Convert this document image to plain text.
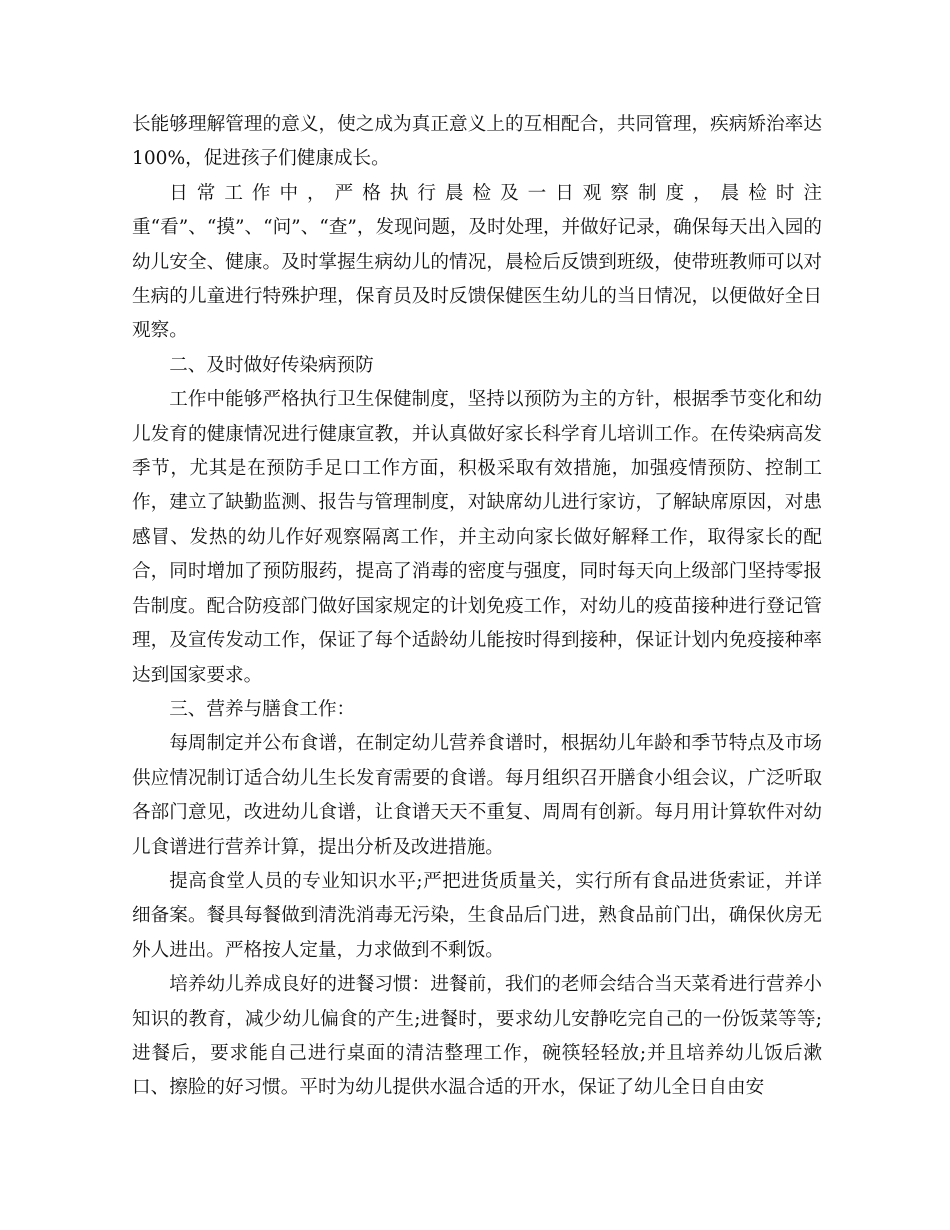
长能够理解管理的意义，使之成为真正意义上的互相配合，共同管理，疾病矫治率达 100%，促进孩子们健康成长。

日常工作中，严格执行晨检及一日观察制度，晨检时注重“看”、“摸”、“问”、“查”，发现问题，及时处理，并做好记录，确保每天出入园的幼儿安全、健康。及时掌握生病幼儿的情况，晨检后反馈到班级，使带班教师可以对生病的儿童进行特殊护理，保育员及时反馈保健医生幼儿的当日情况，以便做好全日观察。

二、及时做好传染病预防

工作中能够严格执行卫生保健制度，坚持以预防为主的方针，根据季节变化和幼儿发育的健康情况进行健康宣教，并认真做好家长科学育儿培训工作。在传染病高发季节，尤其是在预防手足口工作方面，积极采取有效措施，加强疫情预防、控制工作，建立了缺勤监测、报告与管理制度，对缺席幼儿进行家访，了解缺席原因，对患感冒、发热的幼儿作好观察隔离工作，并主动向家长做好解释工作，取得家长的配合，同时增加了预防服药，提高了消毒的密度与强度，同时每天向上级部门坚持零报告制度。配合防疫部门做好国家规定的计划免疫工作，对幼儿的疫苗接种进行登记管理，及宣传发动工作，保证了每个适龄幼儿能按时得到接种，保证计划内免疫接种率达到国家要求。

三、营养与膳食工作：

每周制定并公布食谱，在制定幼儿营养食谱时，根据幼儿年龄和季节特点及市场供应情况制订适合幼儿生长发育需要的食谱。每月组织召开膳食小组会议，广泛听取各部门意见，改进幼儿食谱，让食谱天天不重复、周周有创新。每月用计算软件对幼儿食谱进行营养计算，提出分析及改进措施。

提高食堂人员的专业知识水平;严把进货质量关，实行所有食品进货索证，并详细备案。餐具每餐做到清洗消毒无污染，生食品后门进，熟食品前门出，确保伙房无外人进出。严格按人定量，力求做到不剩饭。

培养幼儿养成良好的进餐习惯：进餐前，我们的老师会结合当天菜肴进行营养小知识的教育，减少幼儿偏食的产生;进餐时，要求幼儿安静吃完自己的一份饭菜等等;进餐后，要求能自己进行桌面的清洁整理工作，碗筷轻轻放;并且培养幼儿饭后漱口、擦脸的好习惯。平时为幼儿提供水温合适的开水，保证了幼儿全日自由安
